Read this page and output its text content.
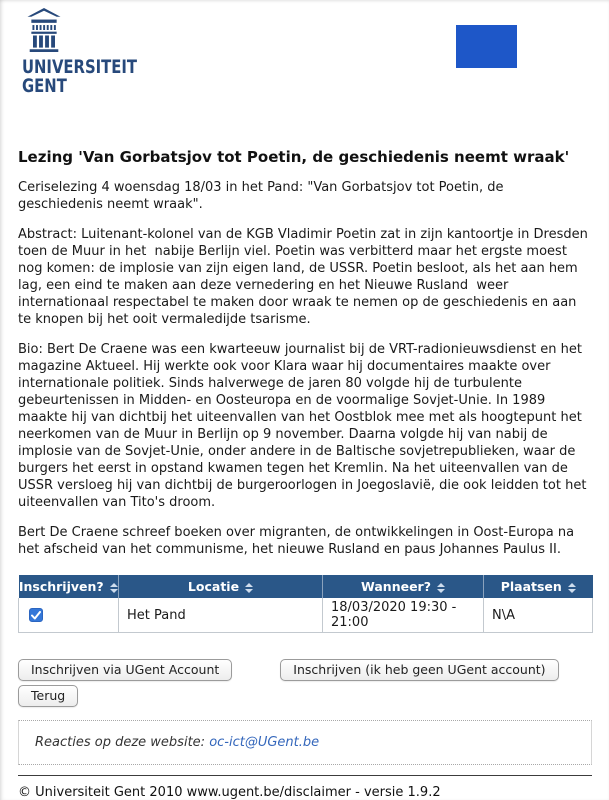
UNIVERSITEIT
GENT
Lezing 'Van Gorbatsjov tot Poetin, de geschiedenis neemt wraak'

Ceriselezing 4 woensdag 18/03 in het Pand: "Van Gorbatsjov tot Poetin, de geschiedenis neemt wraak".

Abstract: Luitenant-kolonel van de KGB Vladimir Poetin zat in zijn kantoortje in Dresden toen de Muur in het  nabije Berlijn viel. Poetin was verbitterd maar het ergste moest nog komen: de implosie van zijn eigen land, de USSR. Poetin besloot, als het aan hem lag, een eind te maken aan deze vernedering en het Nieuwe Rusland  weer internationaal respectabel te maken door wraak te nemen op de geschiedenis en aan te knopen bij het ooit vermaledijde tsarisme.

Bio: Bert De Craene was een kwarteeuw journalist bij de VRT-radionieuwsdienst en het magazine Aktueel. Hij werkte ook voor Klara waar hij documentaires maakte over internationale politiek. Sinds halverwege de jaren 80 volgde hij de turbulente gebeurtenissen in Midden- en Oosteuropa en de voormalige Sovjet-Unie. In 1989 maakte hij van dichtbij het uiteenvallen van het Oostblok mee met als hoogtepunt het neerkomen van de Muur in Berlijn op 9 november. Daarna volgde hij van nabij de implosie van de Sovjet-Unie, onder andere in de Baltische sovjetrepublieken, waar de burgers het eerst in opstand kwamen tegen het Kremlin. Na het uiteenvallen van de USSR versloeg hij van dichtbij de burgeroorlogen in Joegoslavië, die ook leidden tot het uiteenvallen van Tito's droom.

Bert De Craene schreef boeken over migranten, de ontwikkelingen in Oost-Europa na het afscheid van het communisme, het nieuwe Rusland en paus Johannes Paulus II.

Inschrijven?	Locatie	Wanneer?	Plaatsen

	Het Pand	18/03/2020 19:30 - 21:00	N\A
Inschrijven via UGent Account	Inschrijven (ik heb geen UGent account)
Terug
Reacties op deze website: oc-ict@UGent.be
© Universiteit Gent 2010 www.ugent.be/disclaimer - versie 1.9.2
